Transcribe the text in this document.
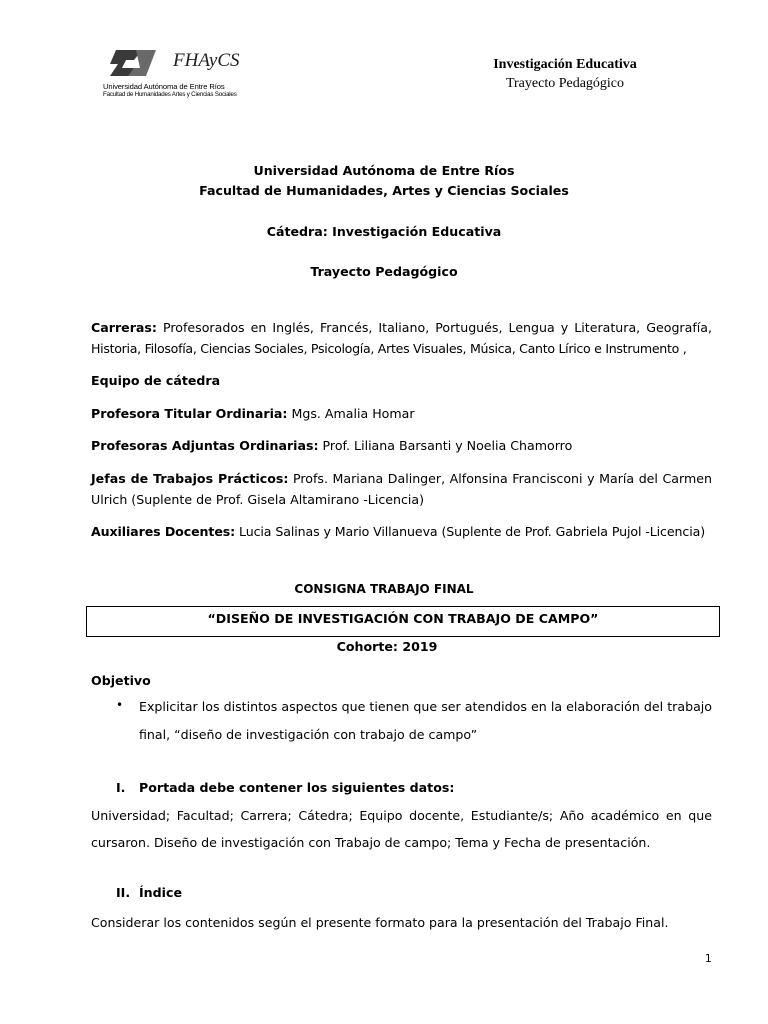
FHAyCS
Universidad Autónoma de Entre Ríos
Facultad de Humanidades Artes y Ciencias Sociales
Investigación Educativa
Trayecto Pedagógico
Universidad Autónoma de Entre Ríos
Facultad de Humanidades, Artes y Ciencias Sociales
Cátedra: Investigación Educativa
Trayecto Pedagógico
Carreras: Profesorados en Inglés, Francés, Italiano, Portugués, Lengua y Literatura, Geografía,
Historia, Filosofía, Ciencias Sociales, Psicología, Artes Visuales, Música, Canto Lírico e Instrumento ,
Equipo de cátedra
Profesora Titular Ordinaria: Mgs. Amalia Homar
Profesoras Adjuntas Ordinarias: Prof. Liliana Barsanti y Noelia Chamorro
Jefas de Trabajos Prácticos: Profs. Mariana Dalinger, Alfonsina Francisconi y María del Carmen
Ulrich (Suplente de Prof. Gisela Altamirano -Licencia)
Auxiliares Docentes: Lucia Salinas y Mario Villanueva (Suplente de Prof. Gabriela Pujol -Licencia)
CONSIGNA TRABAJO FINAL
“DISEÑO DE INVESTIGACIÓN CON TRABAJO DE CAMPO”
Cohorte: 2019
Objetivo
• Explicitar los distintos aspectos que tienen que ser atendidos en la elaboración del trabajo
final, “diseño de investigación con trabajo de campo”
I. Portada debe contener los siguientes datos:
Universidad; Facultad; Carrera; Cátedra; Equipo docente, Estudiante/s; Año académico en que
cursaron. Diseño de investigación con Trabajo de campo; Tema y Fecha de presentación.
II. Índice
Considerar los contenidos según el presente formato para la presentación del Trabajo Final.
1
